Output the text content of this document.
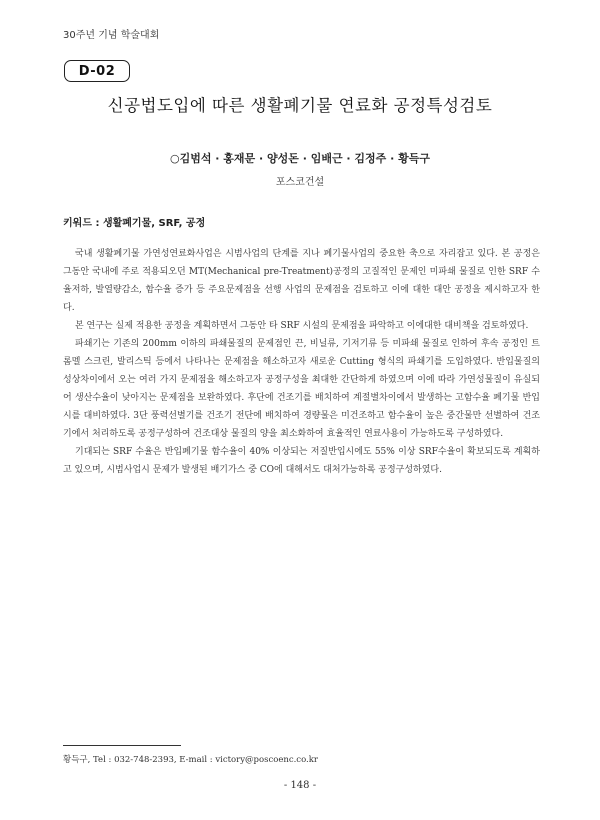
30주년 기념 학술대회
D-02
신공법도입에 따른 생활폐기물 연료화 공정특성검토
○김범석 · 홍재문 · 양성돈 · 임배근 · 김정주 · 황득구
포스코건설
키워드 : 생활폐기물, SRF, 공정

국내 생활폐기물 가연성연료화사업은 시범사업의 단계를 지나 폐기물사업의 중요한 축으로 자리잡고 있다. 본 공정은 그동안 국내에 주로 적용되오던 MT(Mechanical pre-Treatment)공정의 고질적인 문제인 미파쇄 물질로 인한 SRF 수율저하, 발열량감소, 함수율 증가 등 주요문제점을 선행 사업의 문제점을 검토하고 이에 대한 대안 공정을 제시하고자 한다.

본 연구는 실제 적용한 공정을 계획하면서 그동안 타 SRF 시설의 문제점을 파악하고 이에대한 대비책을 검토하였다.

파쇄기는 기존의 200mm 이하의 파쇄물질의 문제점인 끈, 비닐류, 기저기류 등 미파쇄 물질로 인하여 후속 공정인 트롬멜 스크린, 발리스틱 등에서 나타나는 문제점을 해소하고자 새로운 Cutting 형식의 파쇄기를 도입하였다. 반입물질의 성상차이에서 오는 여러 가지 문제점을 해소하고자 공정구성을 최대한 간단하게 하였으며 이에 따라 가연성물질이 유실되어 생산수율이 낮아지는 문제점을 보완하였다. 후단에 건조기를 배치하여 계절별차이에서 발생하는 고함수율 폐기물 반입시를 대비하였다. 3단 풍력선별기를 건조기 전단에 배치하여 경량물은 미건조하고 함수율이 높은 중간물만 선별하여 건조기에서 처리하도록 공정구성하여 건조대상 물질의 양을 최소화하여 효율적인 연료사용이 가능하도록 구성하였다.

기대되는 SRF 수율은 반입폐기물 함수율이 40% 이상되는 저질반입시에도 55% 이상 SRF수율이 확보되도록 계획하고 있으며, 시범사업시 문제가 발생된 배기가스 중 CO에 대해서도 대처가능하록 공정구성하였다.

황득구, Tel : 032-748-2393, E-mail : victory@poscoenc.co.kr
- 148 -
